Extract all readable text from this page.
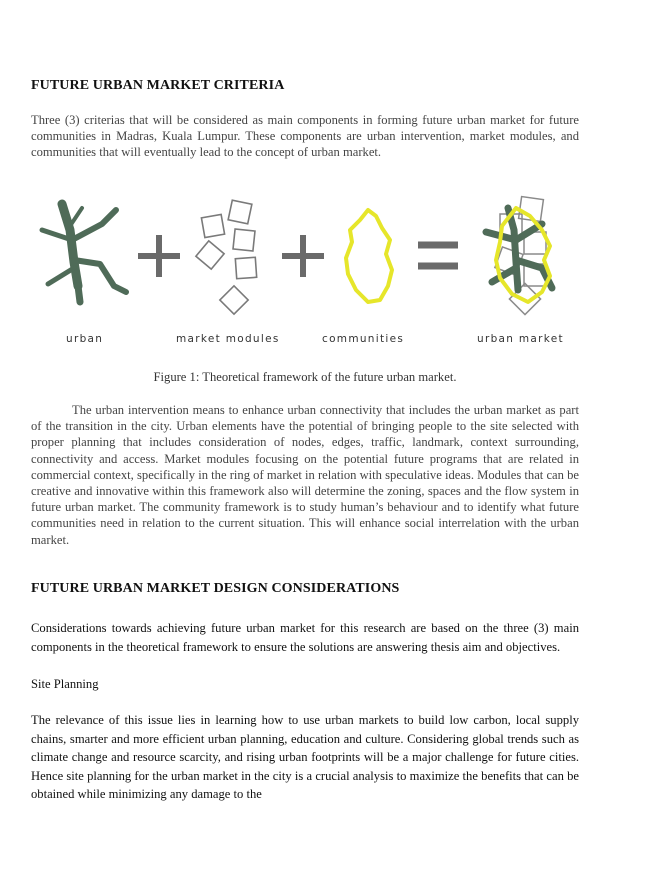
FUTURE URBAN MARKET CRITERIA

Three (3) criterias that will be considered as main components in forming future urban market for future communities in Madras, Kuala Lumpur. These components are urban intervention, market modules, and communities that will eventually lead to the concept of urban market.

urban	market modules	communities	urban market

Figure 1: Theoretical framework of the future urban market.

The urban intervention means to enhance urban connectivity that includes the urban market as part of the transition in the city. Urban elements have the potential of bringing people to the site selected with proper planning that includes consideration of nodes, edges, traffic, landmark, context surrounding, connectivity and access. Market modules focusing on the potential future programs that are related in commercial context, specifically in the ring of market in relation with speculative ideas. Modules that can be creative and innovative within this framework also will determine the zoning, spaces and the flow system in future urban market. The community framework is to study human’s behaviour and to identify what future communities need in relation to the current situation. This will enhance social interrelation with the urban market.

FUTURE URBAN MARKET DESIGN CONSIDERATIONS

Considerations towards achieving future urban market for this research are based on the three (3) main components in the theoretical framework to ensure the solutions are answering thesis aim and objectives.

Site Planning

The relevance of this issue lies in learning how to use urban markets to build low carbon, local supply chains, smarter and more efficient urban planning, education and culture. Considering global trends such as climate change and resource scarcity, and rising urban footprints will be a major challenge for future cities. Hence site planning for the urban market in the city is a crucial analysis to maximize the benefits that can be obtained while minimizing any damage to the
